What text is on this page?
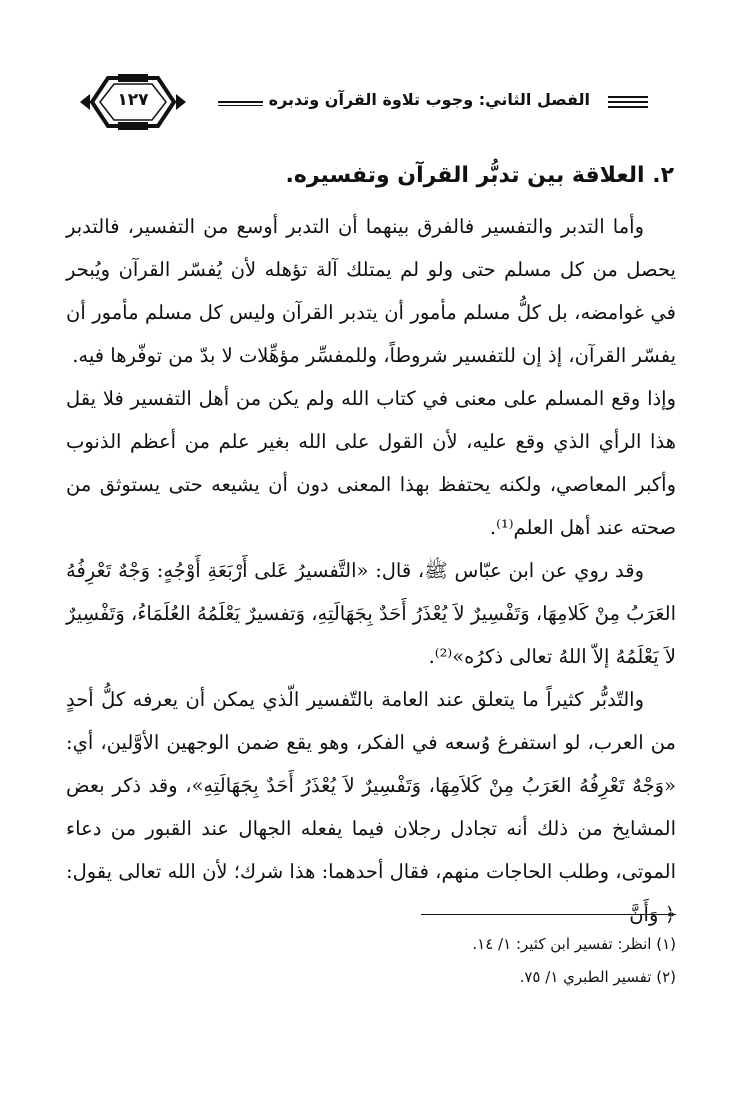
الفصل الثاني: وجوب تلاوة القرآن وتدبره
١٢٧
٢. العلاقة بين تدبُّر القرآن وتفسيره.

وأما التدبر والتفسير فالفرق بينهما أن التدبر أوسع من التفسير، فالتدبر يحصل من كل مسلم حتى ولو لم يمتلك آلة تؤهله لأن يُفسّر القرآن ويُبحر في غوامضه، بل كلُّ مسلم مأمور أن يتدبر القرآن وليس كل مسلم مأمور أن يفسّر القرآن، إذ إن للتفسير شروطاً، وللمفسِّر مؤهِّلات لا بدّ من توفّرها فيه.

وإذا وقع المسلم على معنى في كتاب الله ولم يكن من أهل التفسير فلا يقل هذا الرأي الذي وقع عليه، لأن القول على الله بغير علم من أعظم الذنوب وأكبر المعاصي، ولكنه يحتفظ بهذا المعنى دون أن يشيعه حتى يستوثق من صحته عند أهل العلم⁽¹⁾.

وقد روي عن ابن عبّاس ﷺ، قال: «التَّفسيرُ عَلى أَرْبَعَةِ أَوْجُهٍ: وَجْهٌ تَعْرِفُهُ العَرَبُ مِنْ كَلامِهَا، وَتَفْسِيرٌ لاَ يُعْذَرُ أَحَدٌ بِجَهَالَتِهِ، وَتفسيرٌ يَعْلَمُهُ العُلَمَاءُ، وَتَفْسِيرٌ لاَ يَعْلَمُهُ إلاّ اللهُ تعالى ذكرُه»⁽²⁾.

والتّدبُّر كثيراً ما يتعلق عند العامة بالتّفسير الّذي يمكن أن يعرفه كلُّ أحدٍ من العرب، لو استفرغ وُسعه في الفكر، وهو يقع ضمن الوجهين الأوَّلين، أي: «وَجْهٌ تَعْرِفُهُ العَرَبُ مِنْ كَلاَمِهَا، وَتَفْسِيرٌ لاَ يُعْذَرُ أَحَدٌ بِجَهَالَتِهِ»، وقد ذكر بعض المشايخ من ذلك أنه تجادل رجلان فيما يفعله الجهال عند القبور من دعاء الموتى، وطلب الحاجات منهم، فقال أحدهما: هذا شرك؛ لأن الله تعالى يقول: ﴿ وَأَنَّ

(١) انظر: تفسير ابن كثير: ١/ ١٤.
(٢) تفسير الطبري ١/ ٧٥.
